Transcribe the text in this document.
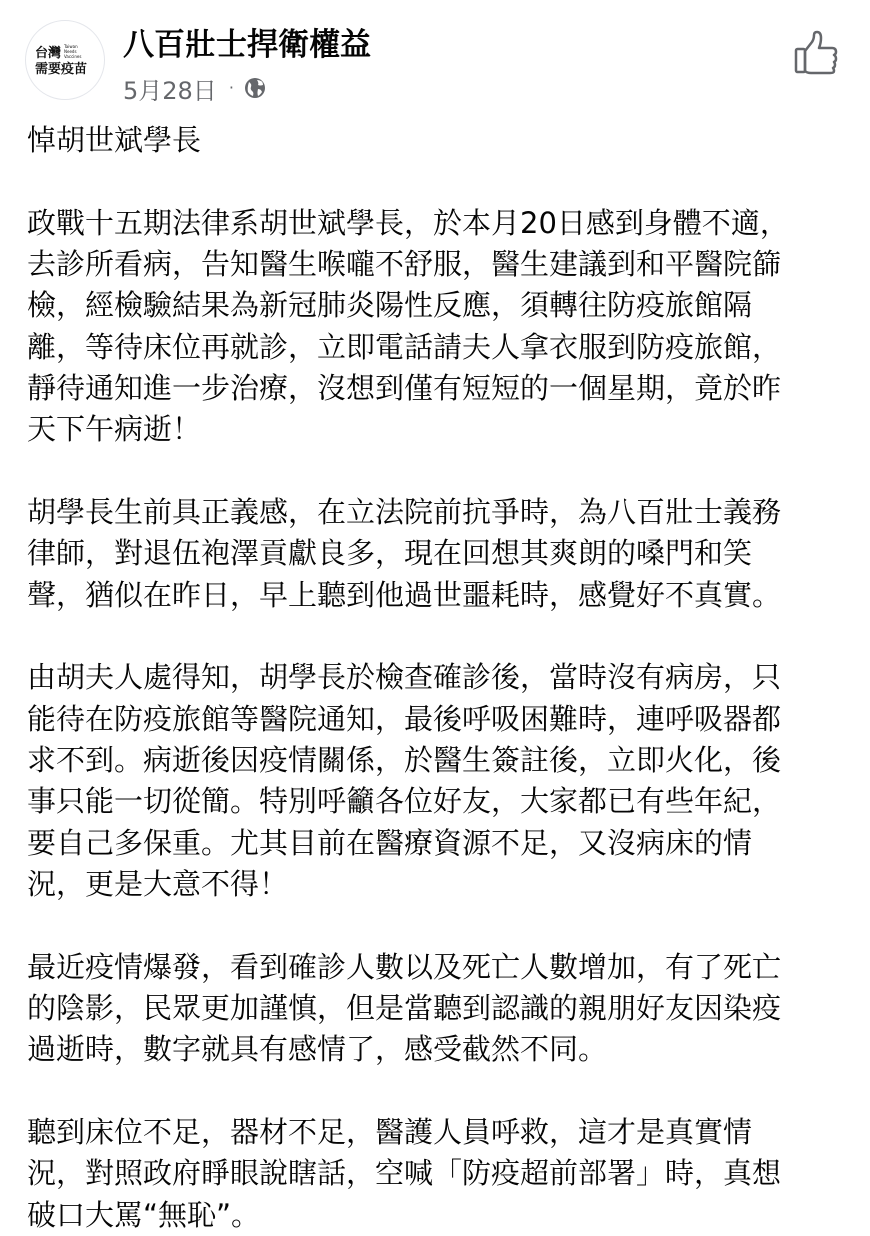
台灣
需要疫苗
Taiwan
Needs
Vaccines 八百壯士捍衛權益
5月28日 ·

悼胡世斌學長

政戰十五期法律系胡世斌學長，於本月20日感到身體不適，
去診所看病，告知醫生喉嚨不舒服，醫生建議到和平醫院篩
檢，經檢驗結果為新冠肺炎陽性反應，須轉往防疫旅館隔
離，等待床位再就診，立即電話請夫人拿衣服到防疫旅館，
靜待通知進一步治療，沒想到僅有短短的一個星期，竟於昨
天下午病逝！

胡學長生前具正義感，在立法院前抗爭時，為八百壯士義務
律師，對退伍袍澤貢獻良多，現在回想其爽朗的嗓門和笑
聲，猶似在昨日，早上聽到他過世噩耗時，感覺好不真實。

由胡夫人處得知，胡學長於檢查確診後，當時沒有病房，只
能待在防疫旅館等醫院通知，最後呼吸困難時，連呼吸器都
求不到。病逝後因疫情關係，於醫生簽註後，立即火化，後
事只能一切從簡。特別呼籲各位好友，大家都已有些年紀，
要自己多保重。尤其目前在醫療資源不足，又沒病床的情
況，更是大意不得！

最近疫情爆發，看到確診人數以及死亡人數增加，有了死亡
的陰影，民眾更加謹慎，但是當聽到認識的親朋好友因染疫
過逝時，數字就具有感情了，感受截然不同。

聽到床位不足，器材不足，醫護人員呼救，這才是真實情
況，對照政府睜眼說瞎話，空喊「防疫超前部署」時，真想
破口大罵“無恥”。
